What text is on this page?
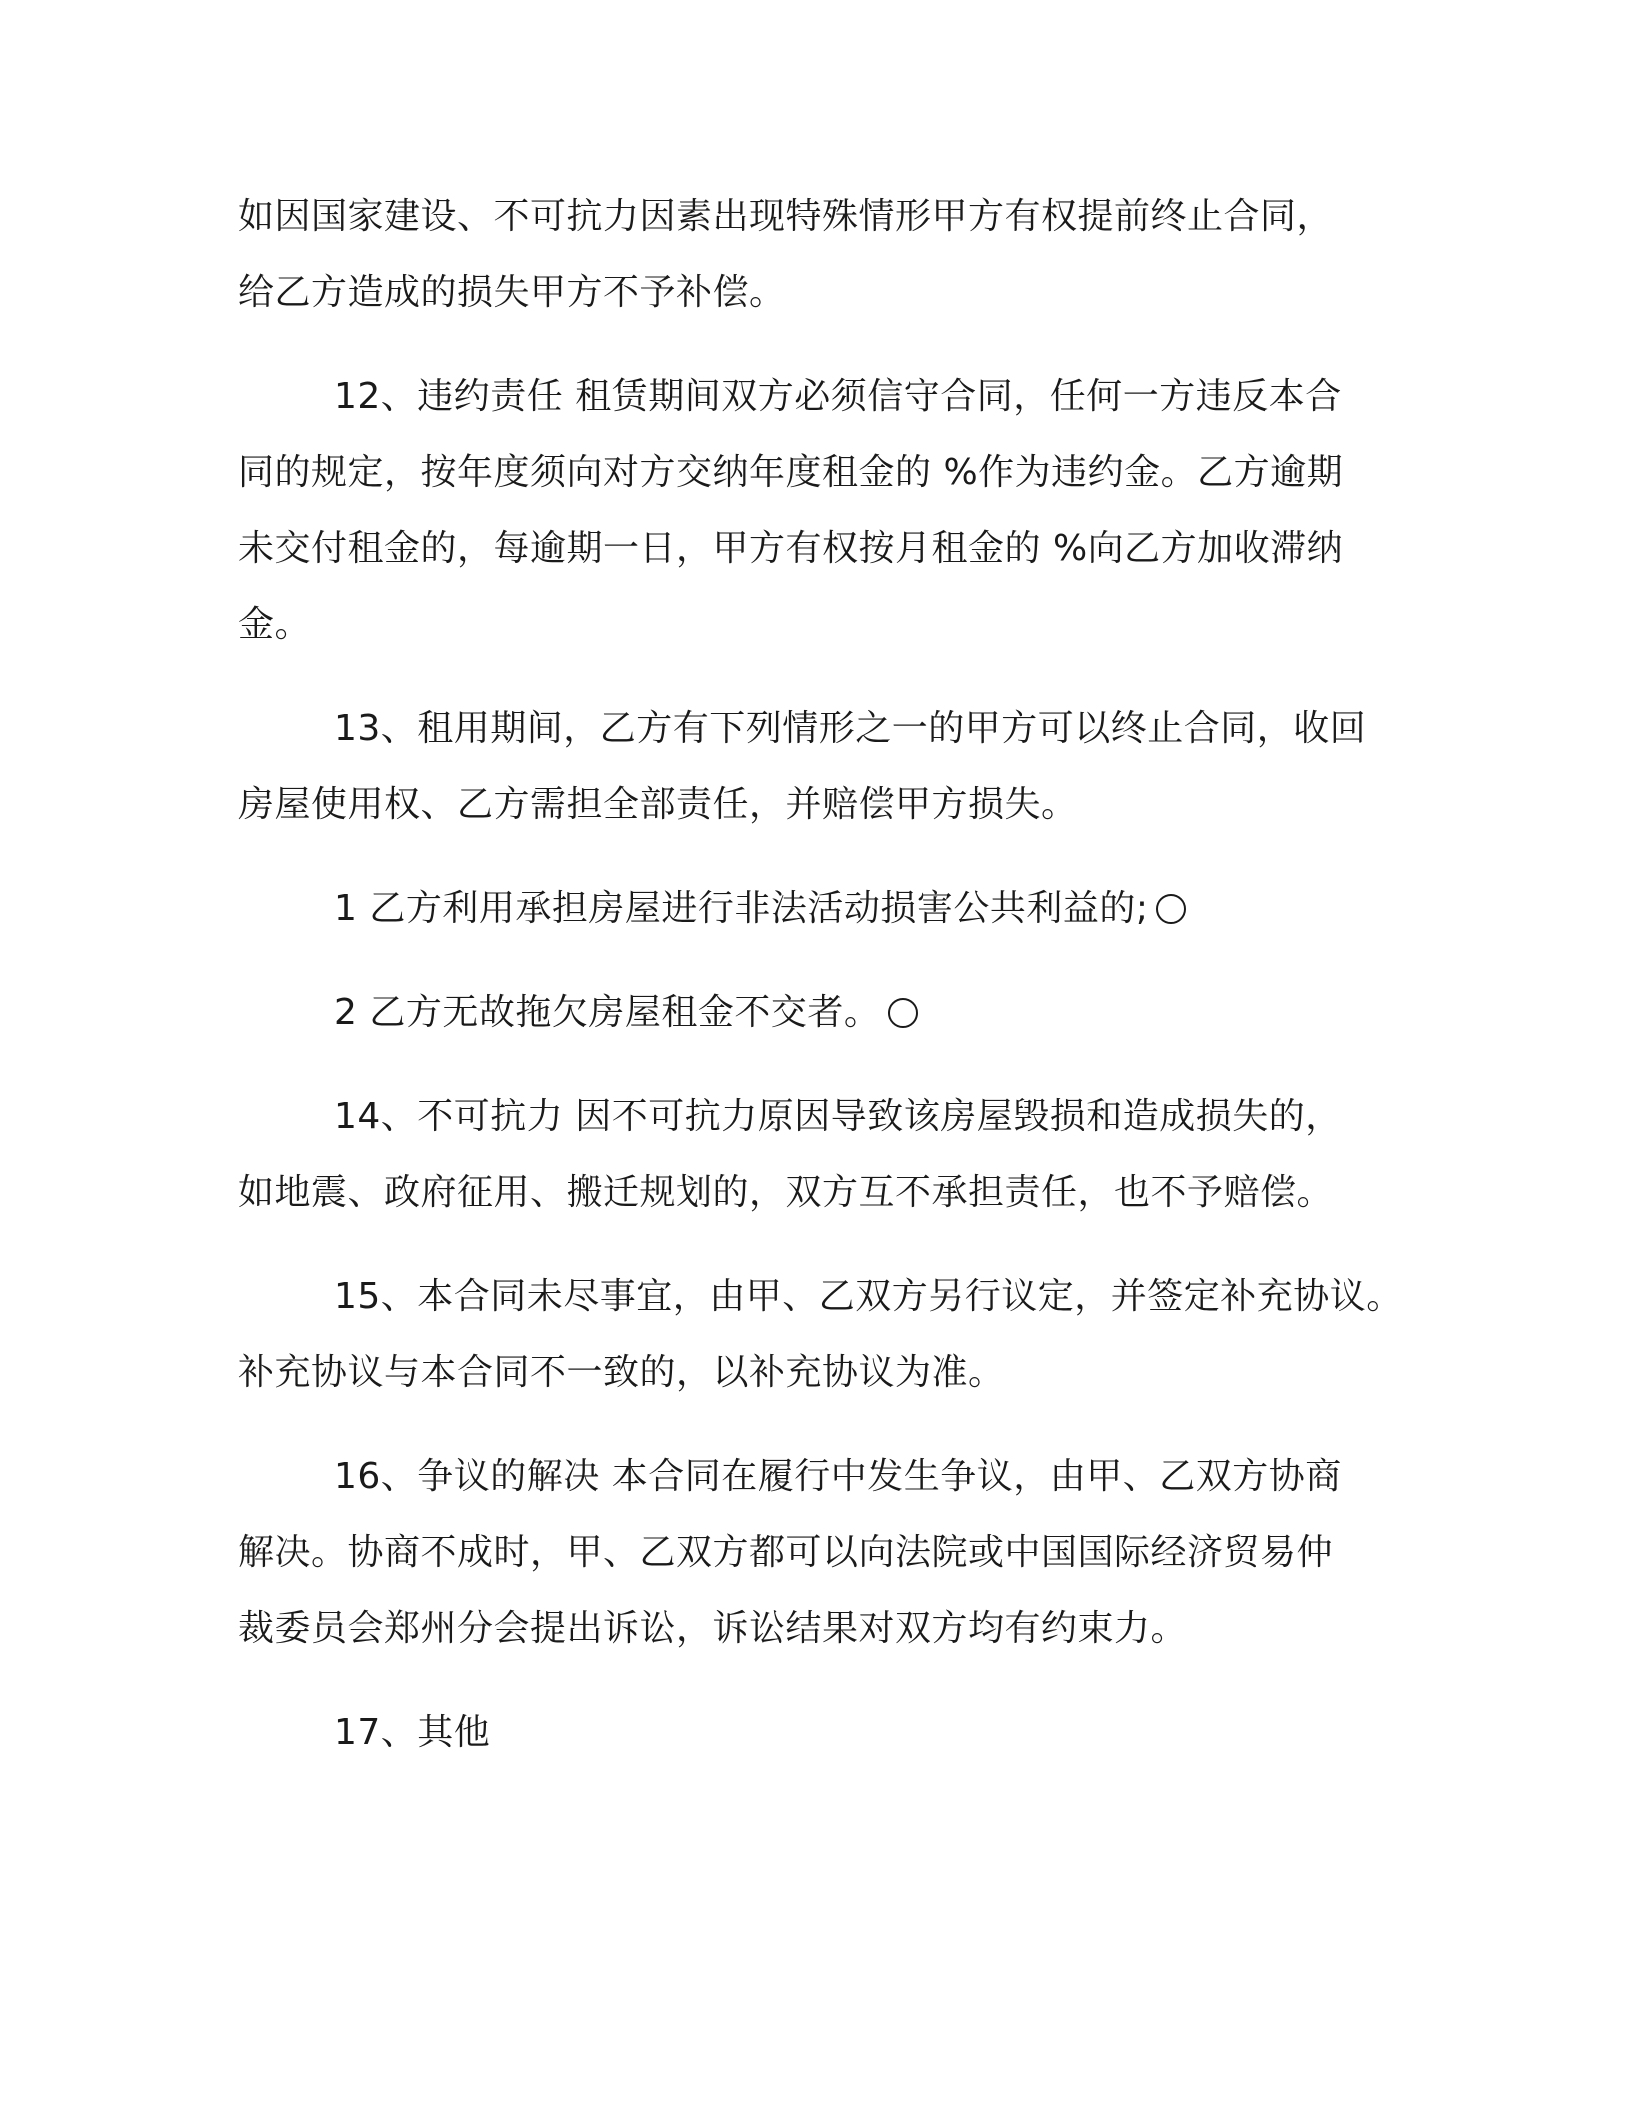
如因国家建设、不可抗力因素出现特殊情形甲方有权提前终止合同，
给乙方造成的损失甲方不予补偿。
12、违约责任 租赁期间双方必须信守合同，任何一方违反本合
同的规定，按年度须向对方交纳年度租金的 %作为违约金。乙方逾期
未交付租金的，每逾期一日，甲方有权按月租金的 %向乙方加收滞纳
金。
13、租用期间，乙方有下列情形之一的甲方可以终止合同，收回
房屋使用权、乙方需担全部责任，并赔偿甲方损失。
1 乙方利用承担房屋进行非法活动损害公共利益的;
2 乙方无故拖欠房屋租金不交者。
14、不可抗力 因不可抗力原因导致该房屋毁损和造成损失的，
如地震、政府征用、搬迁规划的，双方互不承担责任，也不予赔偿。
15、本合同未尽事宜，由甲、乙双方另行议定，并签定补充协议。
补充协议与本合同不一致的，以补充协议为准。
16、争议的解决 本合同在履行中发生争议，由甲、乙双方协商
解决。协商不成时，甲、乙双方都可以向法院或中国国际经济贸易仲
裁委员会郑州分会提出诉讼，诉讼结果对双方均有约束力。
17、其他
